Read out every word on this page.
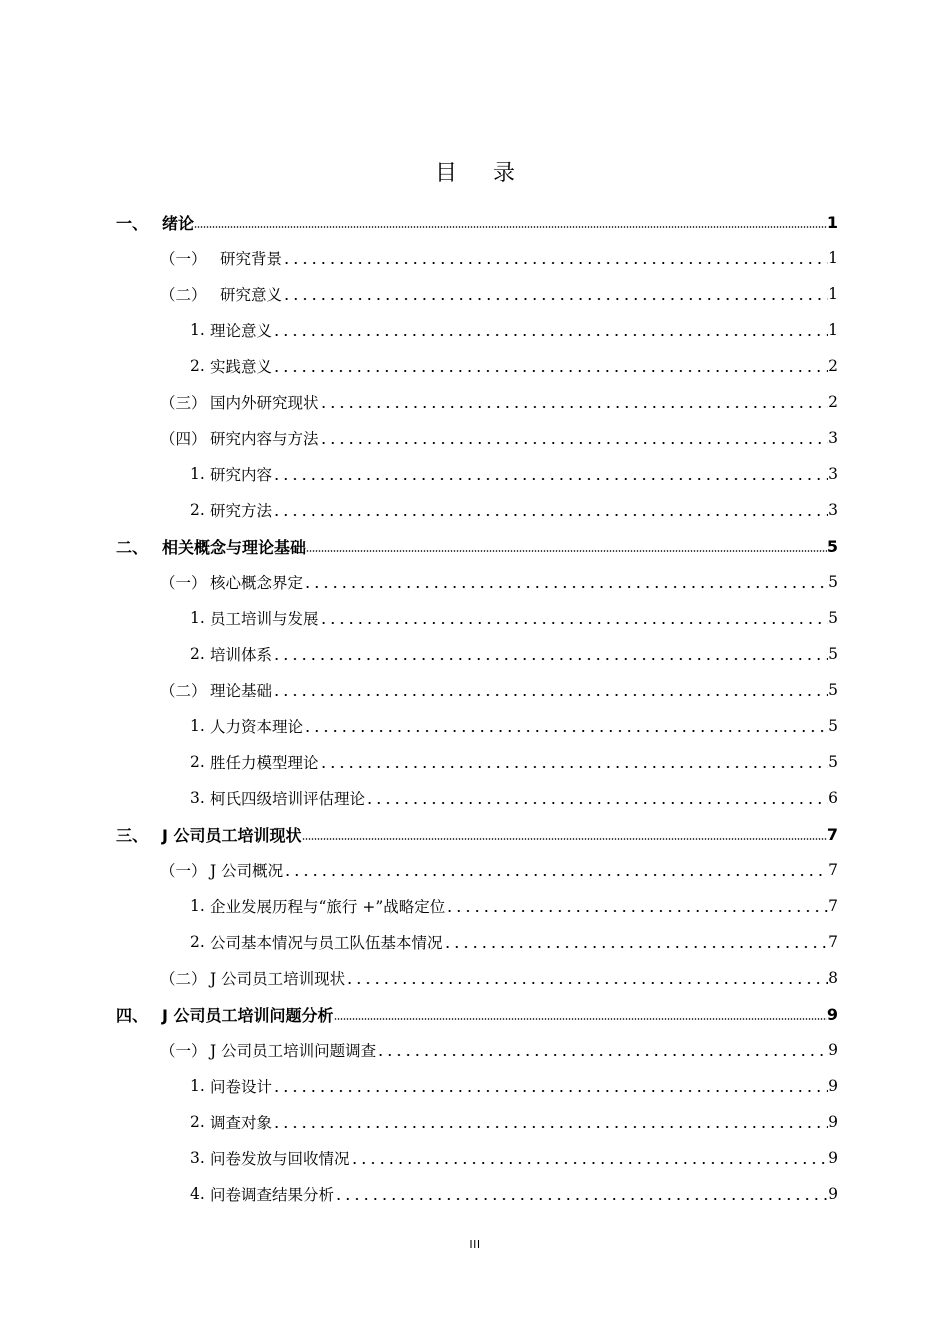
目 录
一、 绪论	1
（一） 研究背景	1
（二） 研究意义	1
1. 理论意义	1
2. 实践意义	2
（三） 国内外研究现状	2
（四） 研究内容与方法	3
1. 研究内容	3
2. 研究方法	3
二、 相关概念与理论基础	5
（一） 核心概念界定	5
1. 员工培训与发展	5
2. 培训体系	5
（二） 理论基础	5
1. 人力资本理论	5
2. 胜任力模型理论	5
3. 柯氏四级培训评估理论	6
三、 J 公司员工培训现状	7
（一） J 公司概况	7
1. 企业发展历程与“旅行 +”战略定位	7
2. 公司基本情况与员工队伍基本情况	7
（二） J 公司员工培训现状	8
四、 J 公司员工培训问题分析	9
（一） J 公司员工培训问题调查	9
1. 问卷设计	9
2. 调查对象	9
3. 问卷发放与回收情况	9
4. 问卷调查结果分析	9
III
